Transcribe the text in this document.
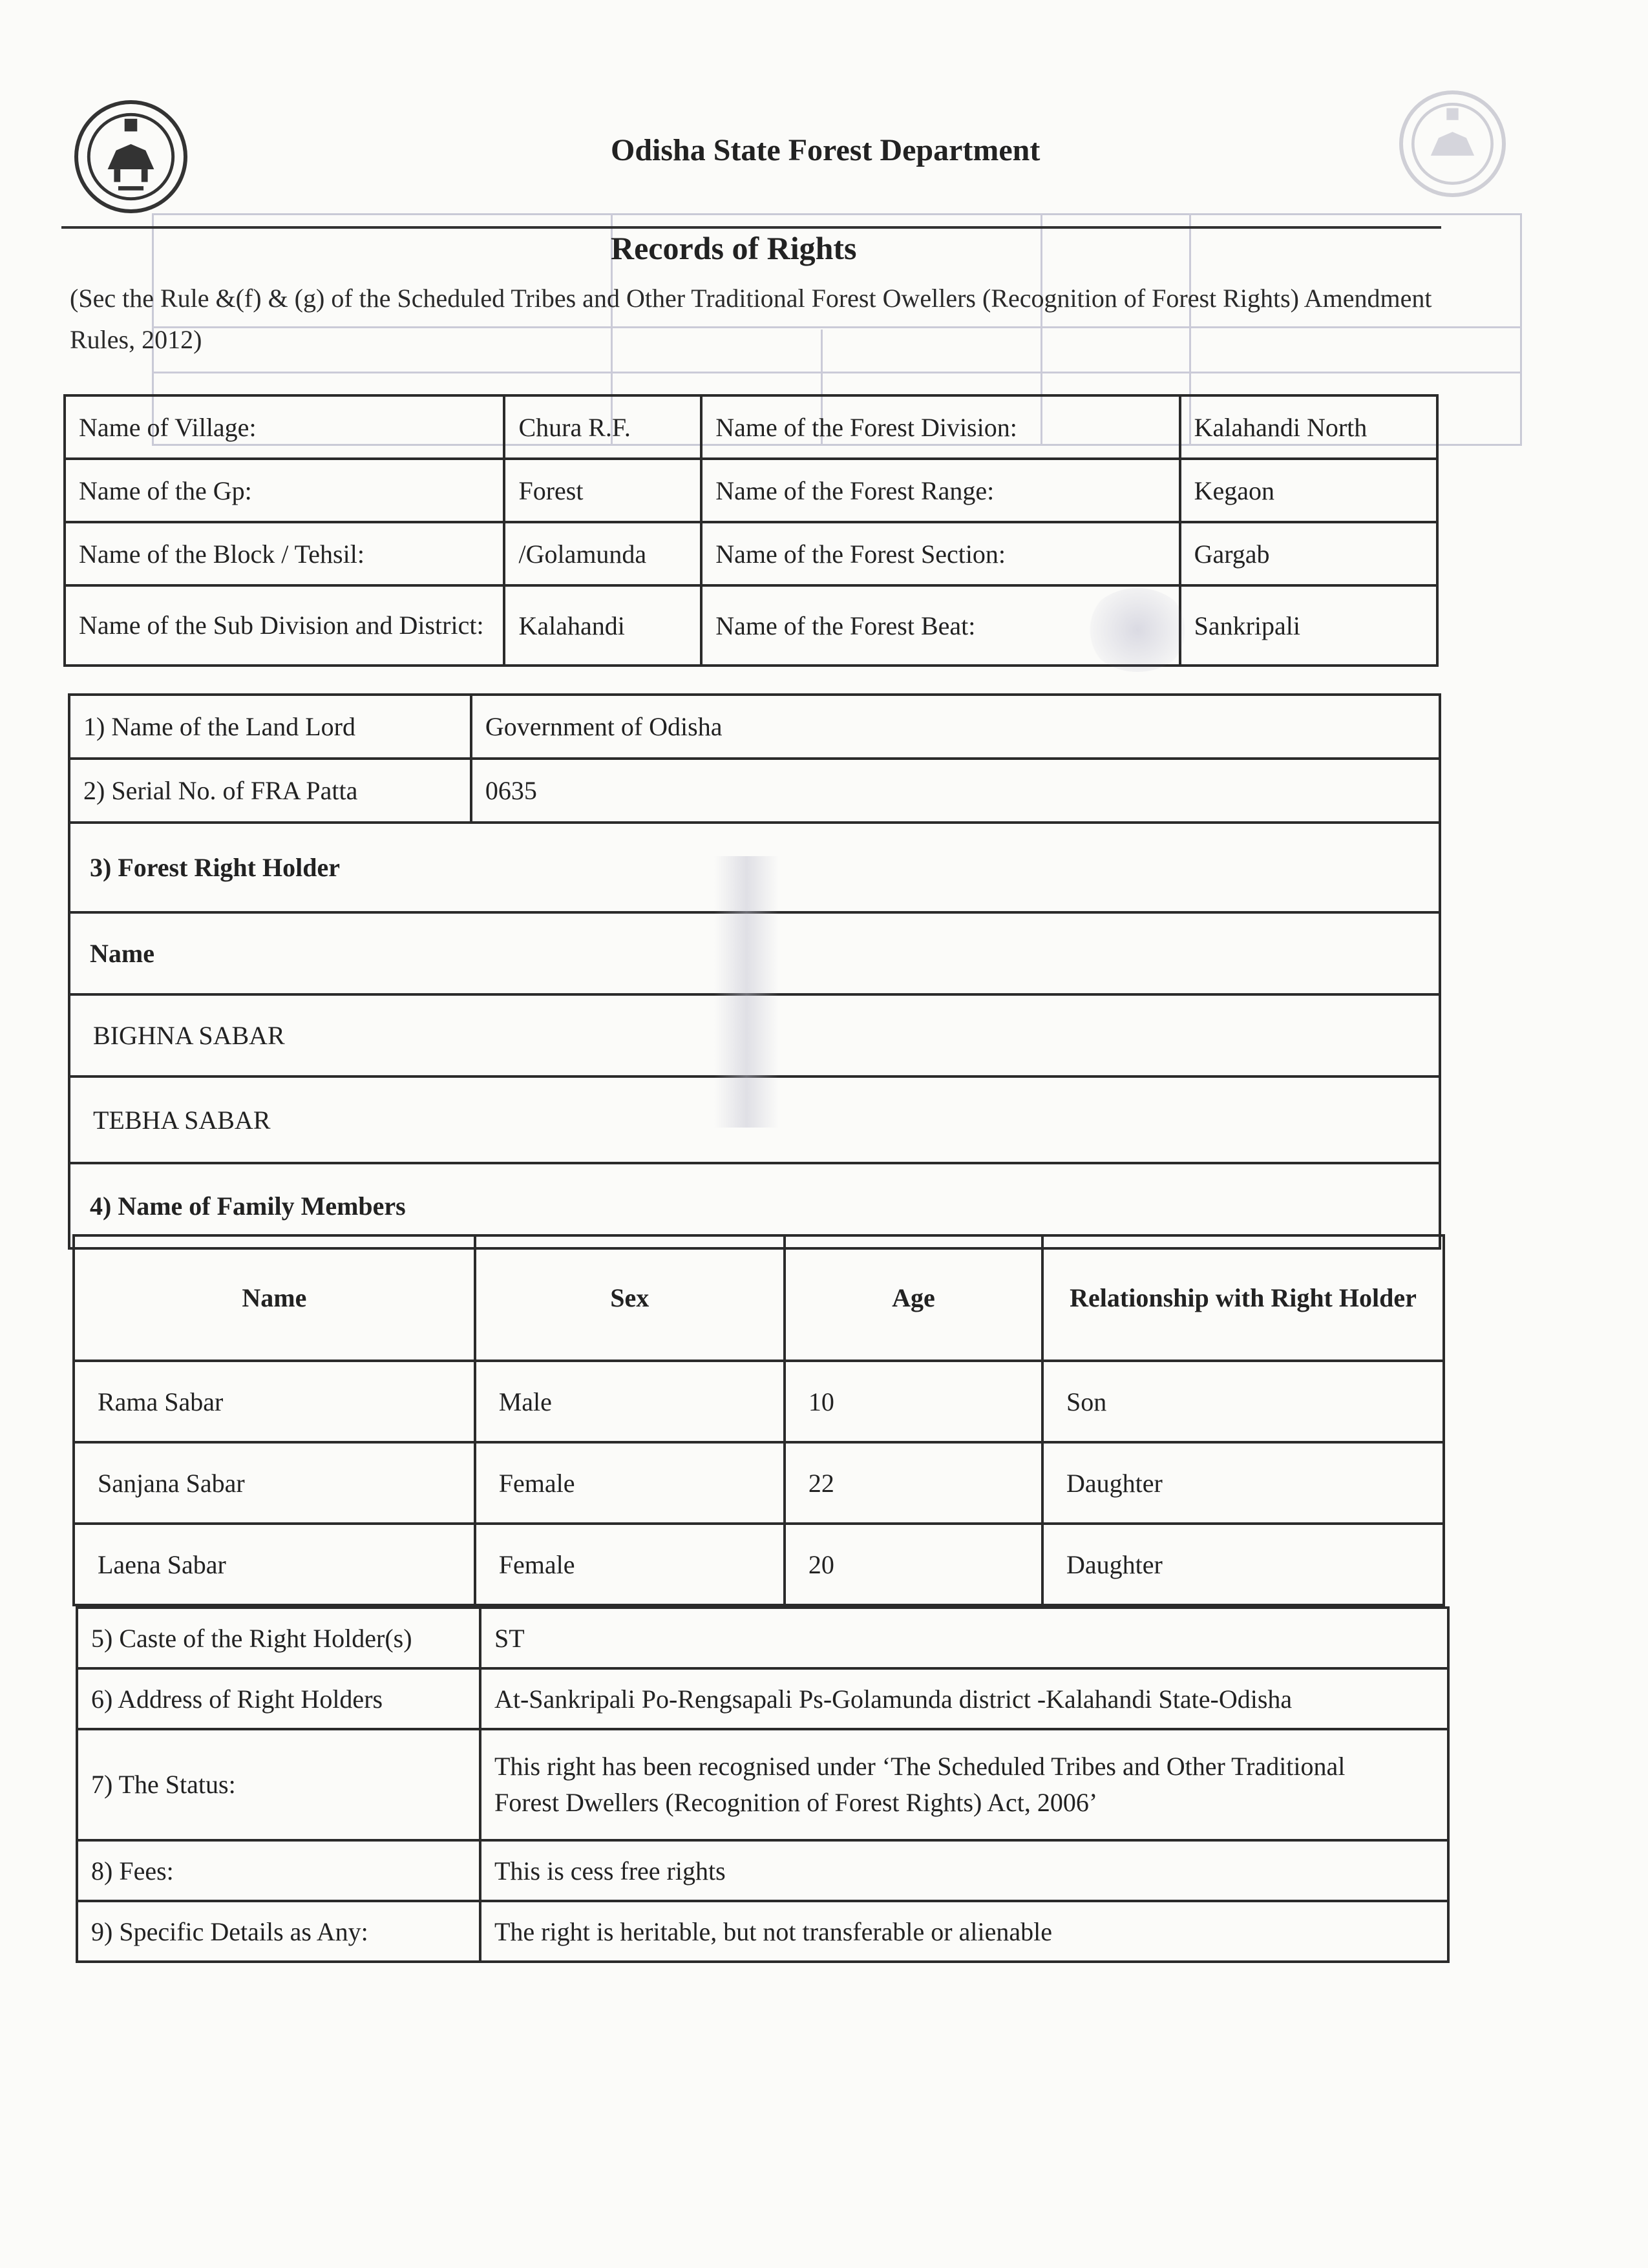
Odisha State Forest Department
Records of Rights
(Sec the Rule &(f) & (g) of the Scheduled Tribes and Other Traditional Forest Owellers (Recognition of Forest Rights) Amendment Rules, 2012)
Name of Village:	Chura R.F.	Name of the Forest Division:	Kalahandi North
Name of the Gp:	Forest	Name of the Forest Range:	Kegaon
Name of the Block / Tehsil:	/Golamunda	Name of the Forest Section:	Gargab
Name of the Sub Division and District:	Kalahandi	Name of the Forest Beat:	Sankripali
1) Name of the Land Lord	Government of Odisha
2) Serial No. of FRA Patta	0635
3) Forest Right Holder	
Name	
BIGHNA SABAR	
TEBHA SABAR	
4) Name of Family Members	
Name	Sex	Age	Relationship with Right Holder
Rama Sabar	Male	10	Son
Sanjana Sabar	Female	22	Daughter
Laena Sabar	Female	20	Daughter
5) Caste of the Right Holder(s)	ST
6) Address of Right Holders	At-Sankripali Po-Rengsapali Ps-Golamunda district -Kalahandi State-Odisha
7) The Status:	This right has been recognised under ‘The Scheduled Tribes and Other Traditional
Forest Dwellers (Recognition of Forest Rights) Act, 2006’

8) Fees:	This is cess free rights
9) Specific Details as Any:	The right is heritable, but not transferable or alienable
